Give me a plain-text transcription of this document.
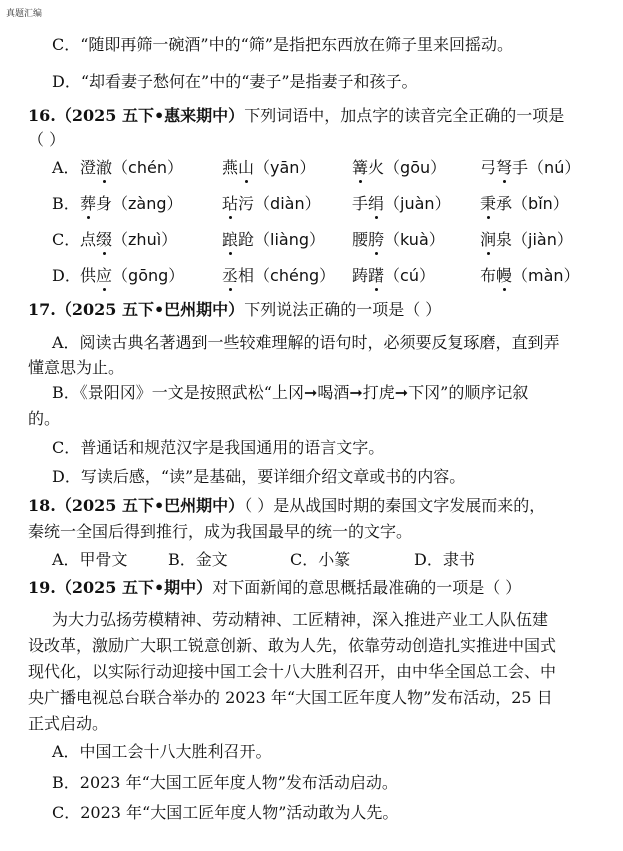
真题汇编
C．“随即再筛一碗酒”中的“筛”是指把东西放在筛子里来回摇动。
D．“却看妻子愁何在”中的“妻子”是指妻子和孩子。
16.（2025 五下•惠来期中）下列词语中，加点字的读音完全正确的一项是
（ ）
A． 澄澈（chén） 燕山（yān） 篝火（gōu） 弓弩手（nú）
B． 葬身（zàng） 玷污（diàn） 手绢（juàn） 秉承（bǐn）
C． 点缀（zhuì）	踉跄（liàng） 腰胯（kuà） 涧泉（jiàn）
D． 供应（gōng） 丞相（chéng） 踌躇（cú）	布幔（màn）
17.（2025 五下•巴州期中）下列说法正确的一项是（ ）
A．阅读古典名著遇到一些较难理解的语句时，必须要反复琢磨，直到弄
懂意思为止。
B．《景阳冈》一文是按照武松“上冈➞喝酒➞打虎➞下冈”的顺序记叙
的。
C．普通话和规范汉字是我国通用的语言文字。
D．写读后感，“读”是基础，要详细介绍文章或书的内容。
18.（2025 五下•巴州期中）（ ）是从战国时期的秦国文字发展而来的，
秦统一全国后得到推行，成为我国最早的统一的文字。
A．甲骨文	B．金文	C．小篆	D．隶书
19.（2025 五下•期中）对下面新闻的意思概括最准确的一项是（ ）
为大力弘扬劳模精神、劳动精神、工匠精神，深入推进产业工人队伍建
设改革，激励广大职工锐意创新、敢为人先，依靠劳动创造扎实推进中国式
现代化，以实际行动迎接中国工会十八大胜利召开，由中华全国总工会、中
央广播电视总台联合举办的 2023 年“大国工匠年度人物”发布活动，25 日
正式启动。
A．中国工会十八大胜利召开。
B．2023 年“大国工匠年度人物”发布活动启动。
C．2023 年“大国工匠年度人物”活动敢为人先。
